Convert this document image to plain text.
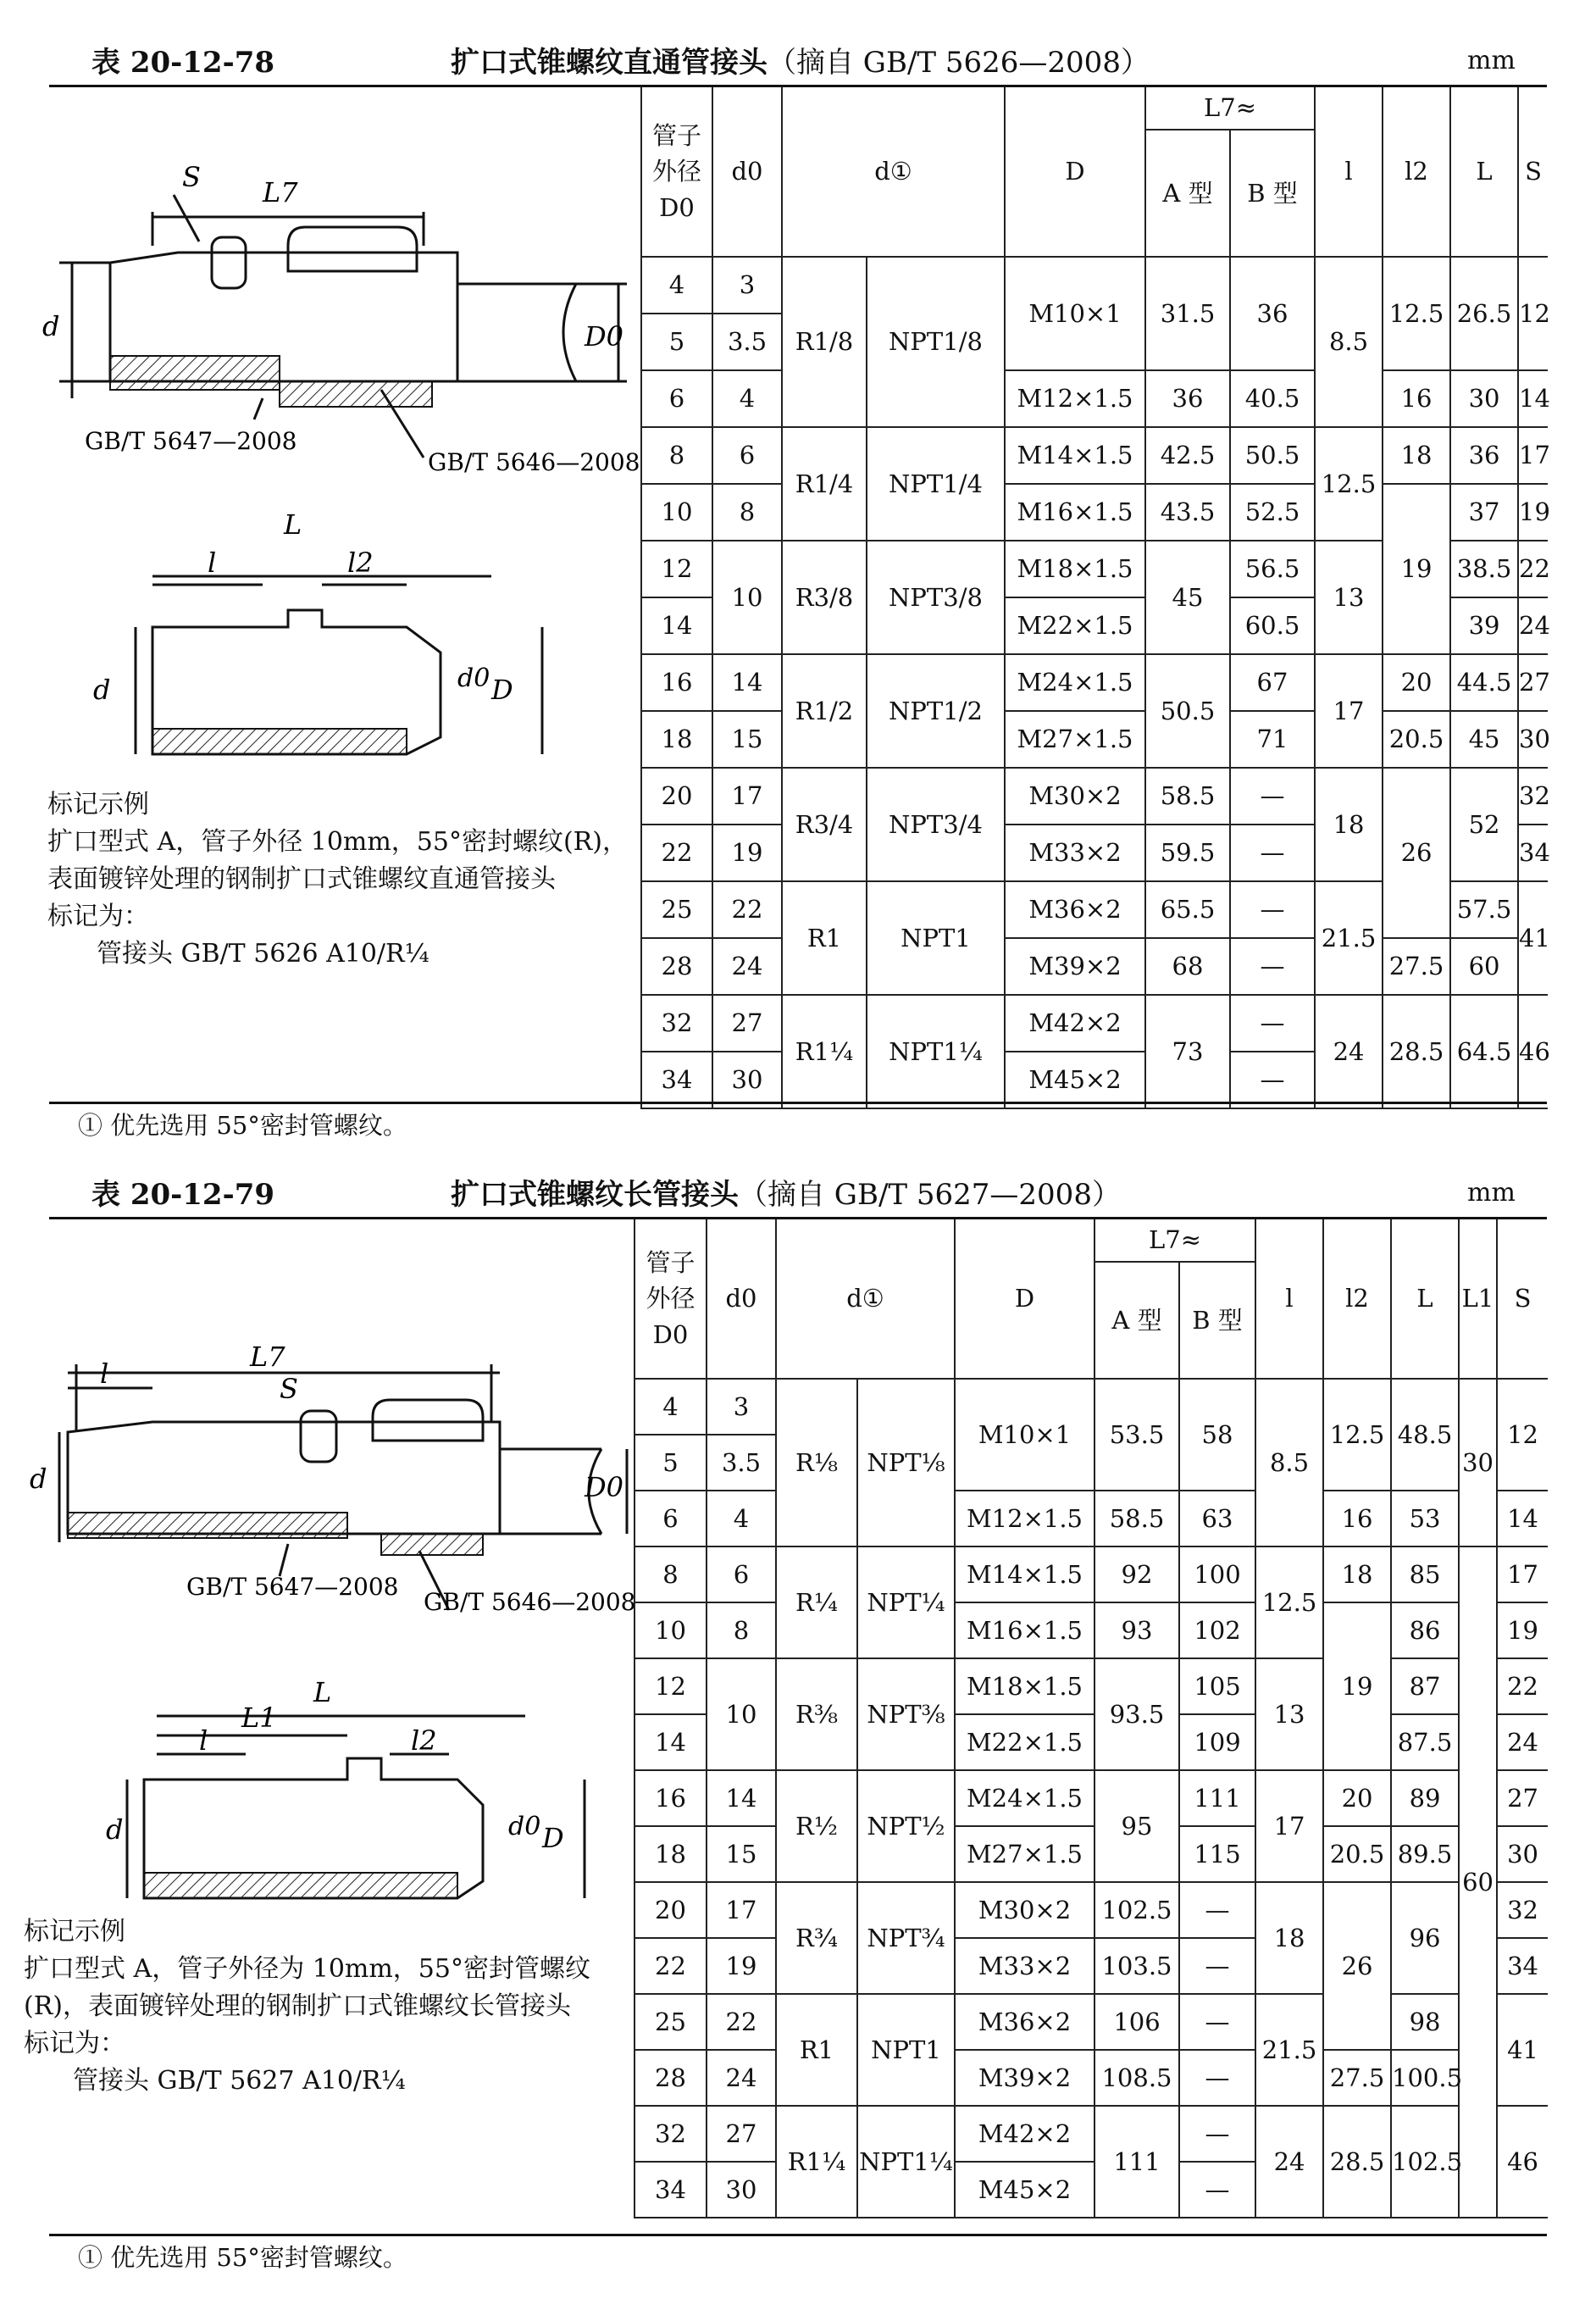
表 20-12-78	扩口式锥螺纹直通管接头（摘自 GB/T 5626—2008）	mm
S L7
d	D0
GB/T 5647—2008
GB/T 5646—2008
L
l	l2
d	d0 D
标记示例
扩口型式 A，管子外径 10mm，55°密封螺纹(R)，
表面镀锌处理的钢制扩口式锥螺纹直通管接头
标记为：
管接头 GB/T 5626 A10/R¼
管子外径 D0	d0	d①		D	L7≈		l	l2	L	S
					A 型	B 型				
4	3	R1/8	NPT1/8	M10×1	31.5	36	8.5	12.5	26.5	12
5	3.5									
6	4			M12×1.5	36	40.5		16	30	14
8	6	R1/4	NPT1/4	M14×1.5	42.5	50.5	12.5	18	36	17
10	8			M16×1.5	43.5	52.5		19	37	19
12	10	R3/8	NPT3/8	M18×1.5	45	56.5	13		38.5	22
14				M22×1.5		60.5			39	24
16	14	R1/2	NPT1/2	M24×1.5	50.5	67	17	20	44.5	27
18	15			M27×1.5		71		20.5	45	30
20	17	R3/4	NPT3/4	M30×2	58.5	—	18	26	52	32
22	19			M33×2	59.5	—				34
25	22	R1	NPT1	M36×2	65.5	—	21.5		57.5	41
28	24			M39×2	68	—		27.5	60	
32	27	R1¼	NPT1¼	M42×2	73	—	24	28.5	64.5	46
34	30			M45×2		—				
① 优先选用 55°密封管螺纹。
表 20-12-79	扩口式锥螺纹长管接头（摘自 GB/T 5627—2008）	mm
L7
l	S
d	D0
GB/T 5647—2008
GB/T 5646—2008
L
L1
l	l2
d	d0 D
标记示例
扩口型式 A，管子外径为 10mm，55°密封管螺纹
(R)，表面镀锌处理的钢制扩口式锥螺纹长管接头
标记为：
管接头 GB/T 5627 A10/R¼
管子外径 D0	d0	d①		D	L7≈		l	l2	L	L1	S
					A 型	B 型					
4	3	R⅛	NPT⅛	M10×1	53.5	58	8.5	12.5	48.5	30	12
5	3.5										
6	4			M12×1.5	58.5	63		16	53		14
8	6	R¼	NPT¼	M14×1.5	92	100	12.5	18	85	60	17
10	8			M16×1.5	93	102		19	86		19
12	10	R⅜	NPT⅜	M18×1.5	93.5	105	13		87		22
14				M22×1.5		109			87.5		24
16	14	R½	NPT½	M24×1.5	95	111	17	20	89		27
18	15			M27×1.5		115		20.5	89.5		30
20	17	R¾	NPT¾	M30×2	102.5	—	18	26	96		32
22	19			M33×2	103.5	—					34
25	22	R1	NPT1	M36×2	106	—	21.5		98		41
28	24			M39×2	108.5	—		27.5	100.5		
32	27	R1¼	NPT1¼	M42×2	111	—	24	28.5	102.5		46
34	30			M45×2		—					
① 优先选用 55°密封管螺纹。
